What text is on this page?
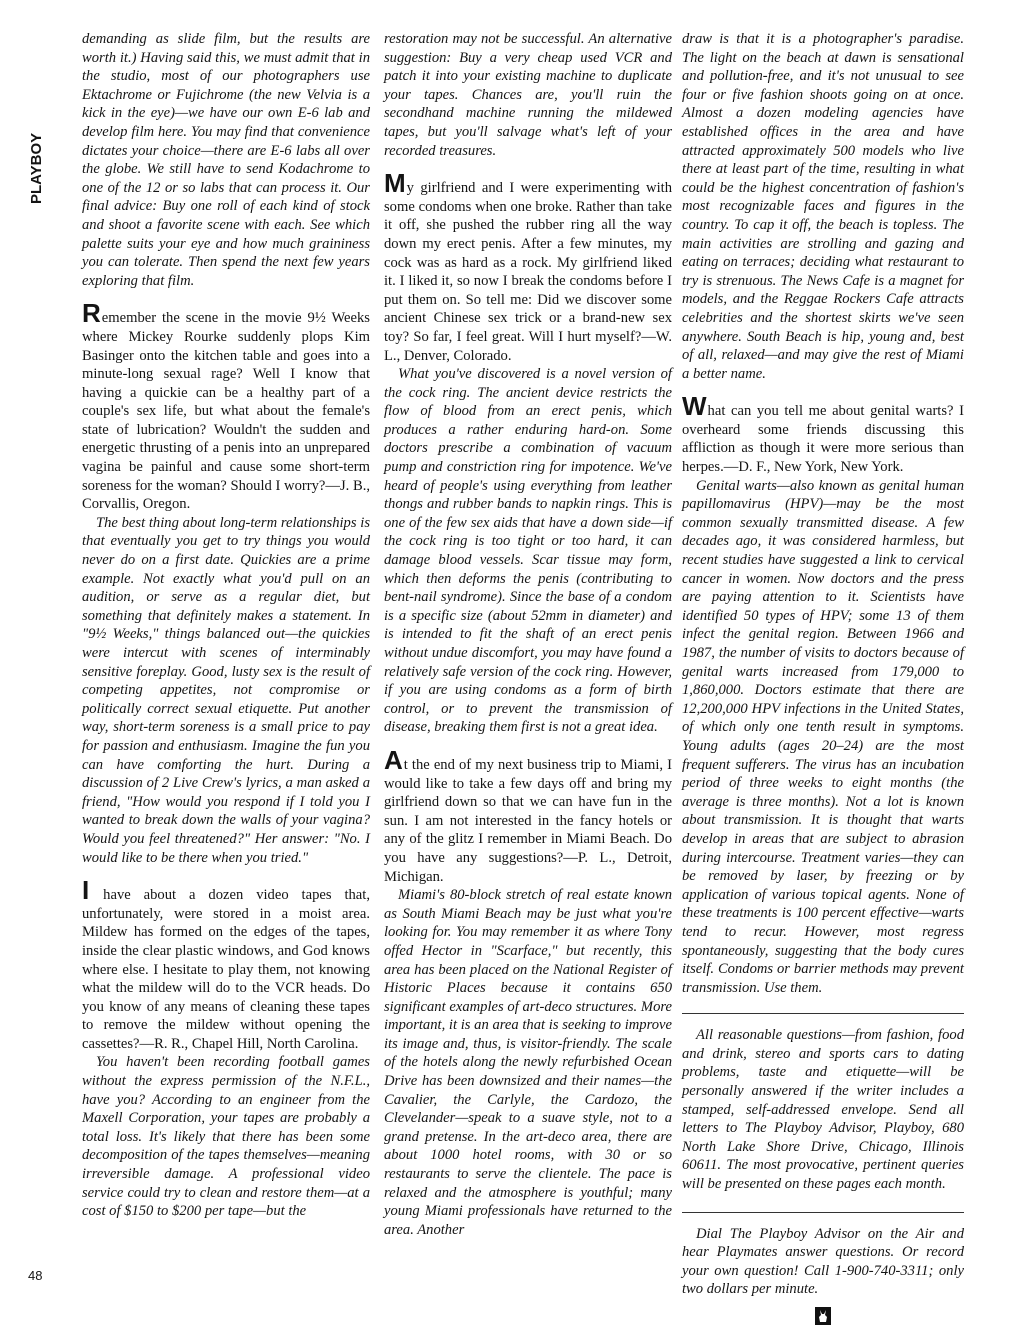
PLAYBOY
48

demanding as slide film, but the results are worth it.) Having said this, we must admit that in the studio, most of our photographers use Ektachrome or Fujichrome (the new Velvia is a kick in the eye)—we have our own E-6 lab and develop film here. You may find that convenience dictates your choice—there are E-6 labs all over the globe. We still have to send Kodachrome to one of the 12 or so labs that can process it. Our final advice: Buy one roll of each kind of stock and shoot a favorite scene with each. See which palette suits your eye and how much graininess you can tolerate. Then spend the next few years exploring that film.

Remember the scene in the movie 9½ Weeks where Mickey Rourke suddenly plops Kim Basinger onto the kitchen table and goes into a minute-long sexual rage? Well I know that having a quickie can be a healthy part of a couple's sex life, but what about the female's state of lubrication? Wouldn't the sudden and energetic thrusting of a penis into an unprepared vagina be painful and cause some short-term soreness for the woman? Should I worry?—J. B., Corvallis, Oregon.

The best thing about long-term relationships is that eventually you get to try things you would never do on a first date. Quickies are a prime example. Not exactly what you'd pull on an audition, or serve as a regular diet, but something that definitely makes a statement. In "9½ Weeks," things balanced out—the quickies were intercut with scenes of interminably sensitive foreplay. Good, lusty sex is the result of competing appetites, not compromise or politically correct sexual etiquette. Put another way, short-term soreness is a small price to pay for passion and enthusiasm. Imagine the fun you can have comforting the hurt. During a discussion of 2 Live Crew's lyrics, a man asked a friend, "How would you respond if I told you I wanted to break down the walls of your vagina? Would you feel threatened?" Her answer: "No. I would like to be there when you tried."

I have about a dozen video tapes that, unfortunately, were stored in a moist area. Mildew has formed on the edges of the tapes, inside the clear plastic windows, and God knows where else. I hesitate to play them, not knowing what the mildew will do to the VCR heads. Do you know of any means of cleaning these tapes to remove the mildew without opening the cassettes?—R. R., Chapel Hill, North Carolina.

You haven't been recording football games without the express permission of the N.F.L., have you? According to an engineer from the Maxell Corporation, your tapes are probably a total loss. It's likely that there has been some decomposition of the tapes themselves—meaning irreversible damage. A professional video service could try to clean and restore them—at a cost of $150 to $200 per tape—but the

restoration may not be successful. An alternative suggestion: Buy a very cheap used VCR and patch it into your existing machine to duplicate your tapes. Chances are, you'll ruin the secondhand machine running the mildewed tapes, but you'll salvage what's left of your recorded treasures.

My girlfriend and I were experimenting with some condoms when one broke. Rather than take it off, she pushed the rubber ring all the way down my erect penis. After a few minutes, my cock was as hard as a rock. My girlfriend liked it. I liked it, so now I break the condoms before I put them on. So tell me: Did we discover some ancient Chinese sex trick or a brand-new sex toy? So far, I feel great. Will I hurt myself?—W. L., Denver, Colorado.

What you've discovered is a novel version of the cock ring. The ancient device restricts the flow of blood from an erect penis, which produces a rather enduring hard-on. Some doctors prescribe a combination of vacuum pump and constriction ring for impotence. We've heard of people's using everything from leather thongs and rubber bands to napkin rings. This is one of the few sex aids that have a down side—if the cock ring is too tight or too hard, it can damage blood vessels. Scar tissue may form, which then deforms the penis (contributing to bent-nail syndrome). Since the base of a condom is a specific size (about 52mm in diameter) and is intended to fit the shaft of an erect penis without undue discomfort, you may have found a relatively safe version of the cock ring. However, if you are using condoms as a form of birth control, or to prevent the transmission of disease, breaking them first is not a great idea.

At the end of my next business trip to Miami, I would like to take a few days off and bring my girlfriend down so that we can have fun in the sun. I am not interested in the fancy hotels or any of the glitz I remember in Miami Beach. Do you have any suggestions?—P. L., Detroit, Michigan.

Miami's 80-block stretch of real estate known as South Miami Beach may be just what you're looking for. You may remember it as where Tony offed Hector in "Scarface," but recently, this area has been placed on the National Register of Historic Places because it contains 650 significant examples of art-deco structures. More important, it is an area that is seeking to improve its image and, thus, is visitor-friendly. The scale of the hotels along the newly refurbished Ocean Drive has been downsized and their names—the Cavalier, the Carlyle, the Cardozo, the Clevelander—speak to a suave style, not to a grand pretense. In the art-deco area, there are about 1000 hotel rooms, with 30 or so restaurants to serve the clientele. The pace is relaxed and the atmosphere is youthful; many young Miami professionals have returned to the area. Another

draw is that it is a photographer's paradise. The light on the beach at dawn is sensational and pollution-free, and it's not unusual to see four or five fashion shoots going on at once. Almost a dozen modeling agencies have established offices in the area and have attracted approximately 500 models who live there at least part of the time, resulting in what could be the highest concentration of fashion's most recognizable faces and figures in the country. To cap it off, the beach is topless. The main activities are strolling and gazing and eating on terraces; deciding what restaurant to try is strenuous. The News Cafe is a magnet for models, and the Reggae Rockers Cafe attracts celebrities and the shortest skirts we've seen anywhere. South Beach is hip, young and, best of all, relaxed—and may give the rest of Miami a better name.

What can you tell me about genital warts? I overheard some friends discussing this affliction as though it were more serious than herpes.—D. F., New York, New York.

Genital warts—also known as genital human papillomavirus (HPV)—may be the most common sexually transmitted disease. A few decades ago, it was considered harmless, but recent studies have suggested a link to cervical cancer in women. Now doctors and the press are paying attention to it. Scientists have identified 50 types of HPV; some 13 of them infect the genital region. Between 1966 and 1987, the number of visits to doctors because of genital warts increased from 179,000 to 1,860,000. Doctors estimate that there are 12,200,000 HPV infections in the United States, of which only one tenth result in symptoms. Young adults (ages 20–24) are the most frequent sufferers. The virus has an incubation period of three weeks to eight months (the average is three months). Not a lot is known about transmission. It is thought that warts develop in areas that are subject to abrasion during intercourse. Treatment varies—they can be removed by laser, by freezing or by application of various topical agents. None of these treatments is 100 percent effective—warts tend to recur. However, most regress spontaneously, suggesting that the body cures itself. Condoms or barrier methods may prevent transmission. Use them.

All reasonable questions—from fashion, food and drink, stereo and sports cars to dating problems, taste and etiquette—will be personally answered if the writer includes a stamped, self-addressed envelope. Send all letters to The Playboy Advisor, Playboy, 680 North Lake Shore Drive, Chicago, Illinois 60611. The most provocative, pertinent queries will be presented on these pages each month.

Dial The Playboy Advisor on the Air and hear Playmates answer questions. Or record your own question! Call 1-900-740-3311; only two dollars per minute.
